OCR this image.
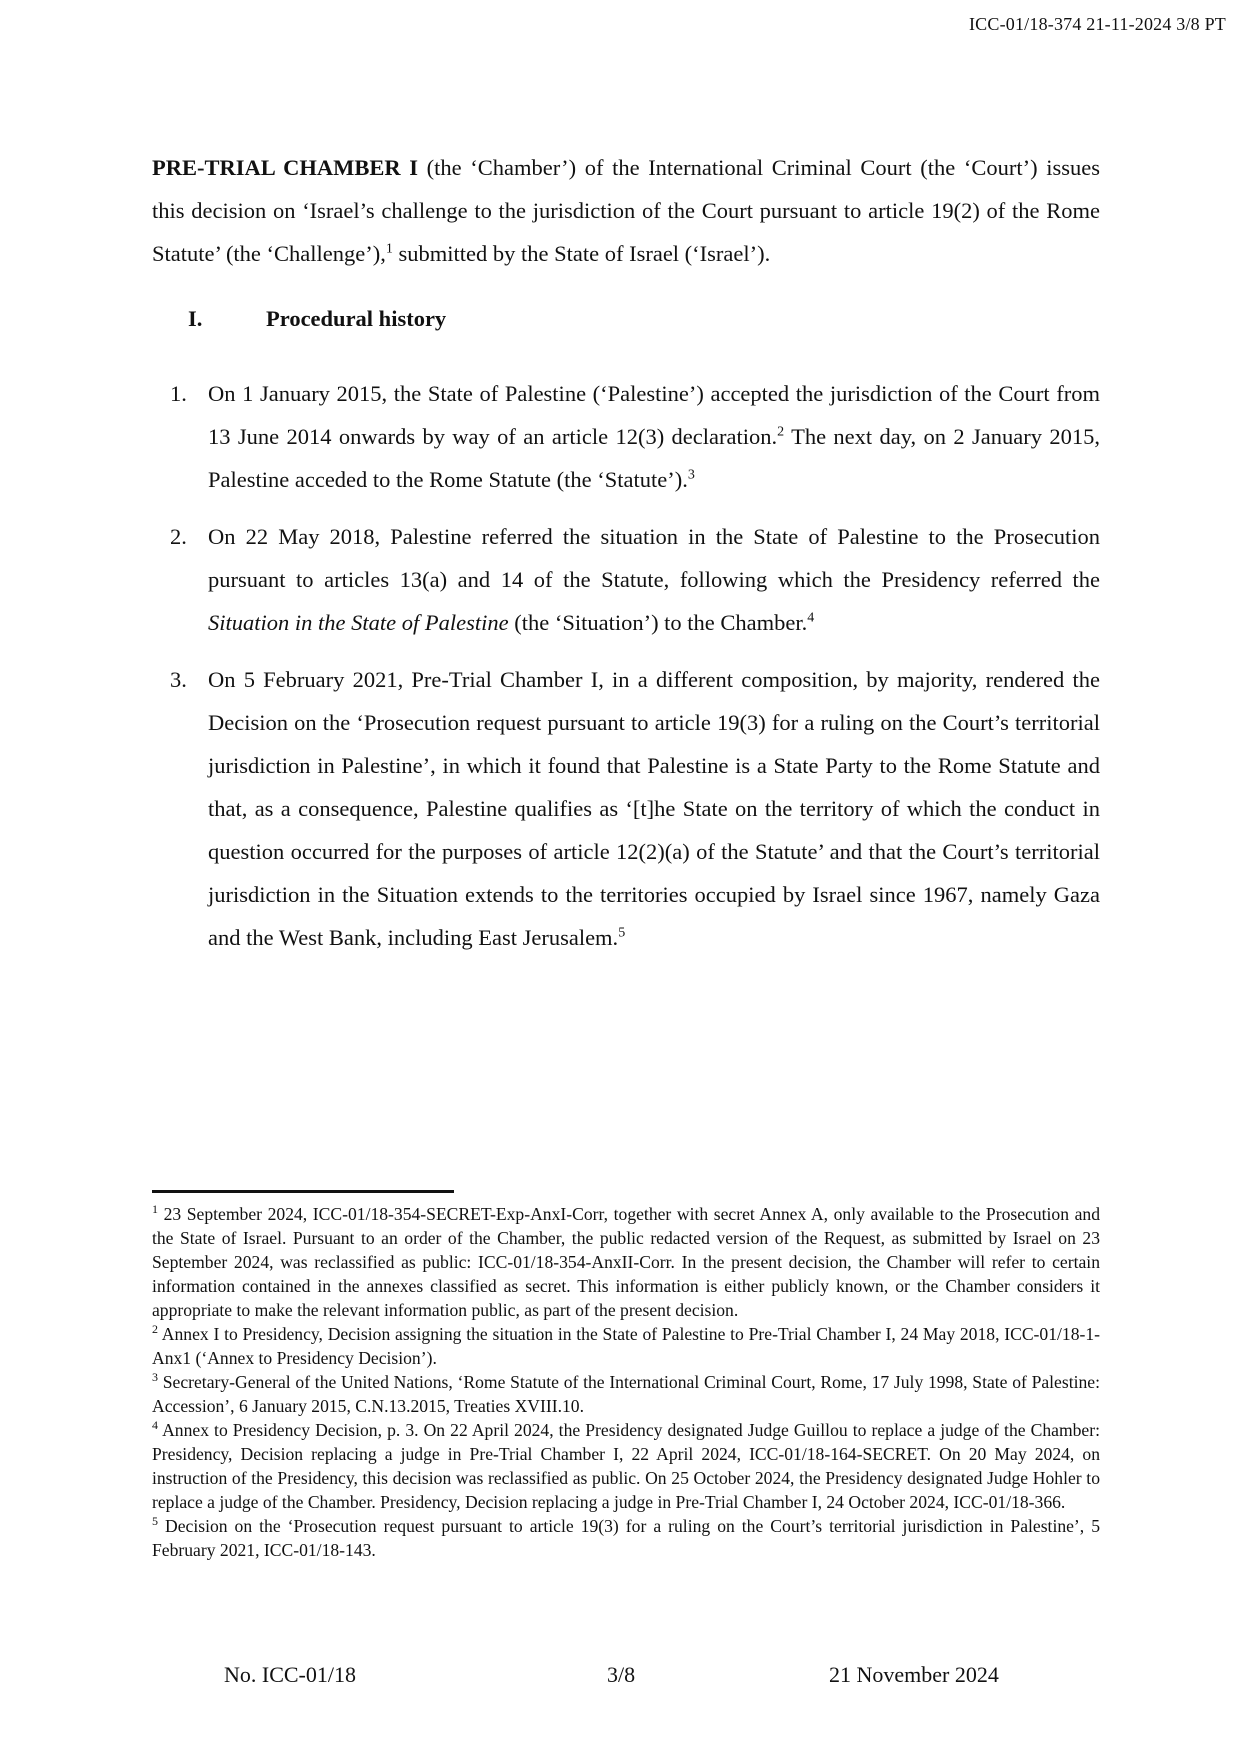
ICC-01/18-374 21-11-2024 3/8 PT

PRE-TRIAL CHAMBER I (the ‘Chamber’) of the International Criminal Court (the ‘Court’) issues this decision on ‘Israel’s challenge to the jurisdiction of the Court pursuant to article 19(2) of the Rome Statute’ (the ‘Challenge’),$^1$ submitted by the State of Israel (‘Israel’).

I.	Procedural history
1. On 1 January 2015, the State of Palestine (‘Palestine’) accepted the jurisdiction of the Court from 13 June 2014 onwards by way of an article 12(3) declaration.$^2$ The next day, on 2 January 2015, Palestine acceded to the Rome Statute (the ‘Statute’).$^3$
2. On 22 May 2018, Palestine referred the situation in the State of Palestine to the Prosecution pursuant to articles 13(a) and 14 of the Statute, following which the Presidency referred the Situation in the State of Palestine (the ‘Situation’) to the Chamber.$^4$
3. On 5 February 2021, Pre-Trial Chamber I, in a different composition, by majority, rendered the Decision on the ‘Prosecution request pursuant to article 19(3) for a ruling on the Court’s territorial jurisdiction in Palestine’, in which it found that Palestine is a State Party to the Rome Statute and that, as a consequence, Palestine qualifies as ‘[t]he State on the territory of which the conduct in question occurred for the purposes of article 12(2)(a) of the Statute’ and that the Court’s territorial jurisdiction in the Situation extends to the territories occupied by Israel since 1967, namely Gaza and the West Bank, including East Jerusalem.$^5$

$^1$ 23 September 2024, ICC-01/18-354-SECRET-Exp-AnxI-Corr, together with secret Annex A, only available to the Prosecution and the State of Israel. Pursuant to an order of the Chamber, the public redacted version of the Request, as submitted by Israel on 23 September 2024, was reclassified as public: ICC-01/18-354-AnxII-Corr. In the present decision, the Chamber will refer to certain information contained in the annexes classified as secret. This information is either publicly known, or the Chamber considers it appropriate to make the relevant information public, as part of the present decision.

$^2$ Annex I to Presidency, Decision assigning the situation in the State of Palestine to Pre-Trial Chamber I, 24 May 2018, ICC-01/18-1-Anx1 (‘Annex to Presidency Decision’).

$^3$ Secretary-General of the United Nations, ‘Rome Statute of the International Criminal Court, Rome, 17 July 1998, State of Palestine: Accession’, 6 January 2015, C.N.13.2015, Treaties XVIII.10.

$^4$ Annex to Presidency Decision, p. 3. On 22 April 2024, the Presidency designated Judge Guillou to replace a judge of the Chamber: Presidency, Decision replacing a judge in Pre-Trial Chamber I, 22 April 2024, ICC-01/18-164-SECRET. On 20 May 2024, on instruction of the Presidency, this decision was reclassified as public. On 25 October 2024, the Presidency designated Judge Hohler to replace a judge of the Chamber. Presidency, Decision replacing a judge in Pre-Trial Chamber I, 24 October 2024, ICC-01/18-366.

$^5$ Decision on the ‘Prosecution request pursuant to article 19(3) for a ruling on the Court’s territorial jurisdiction in Palestine’, 5 February 2021, ICC-01/18-143.

No. ICC-01/18	3/8	21 November 2024
